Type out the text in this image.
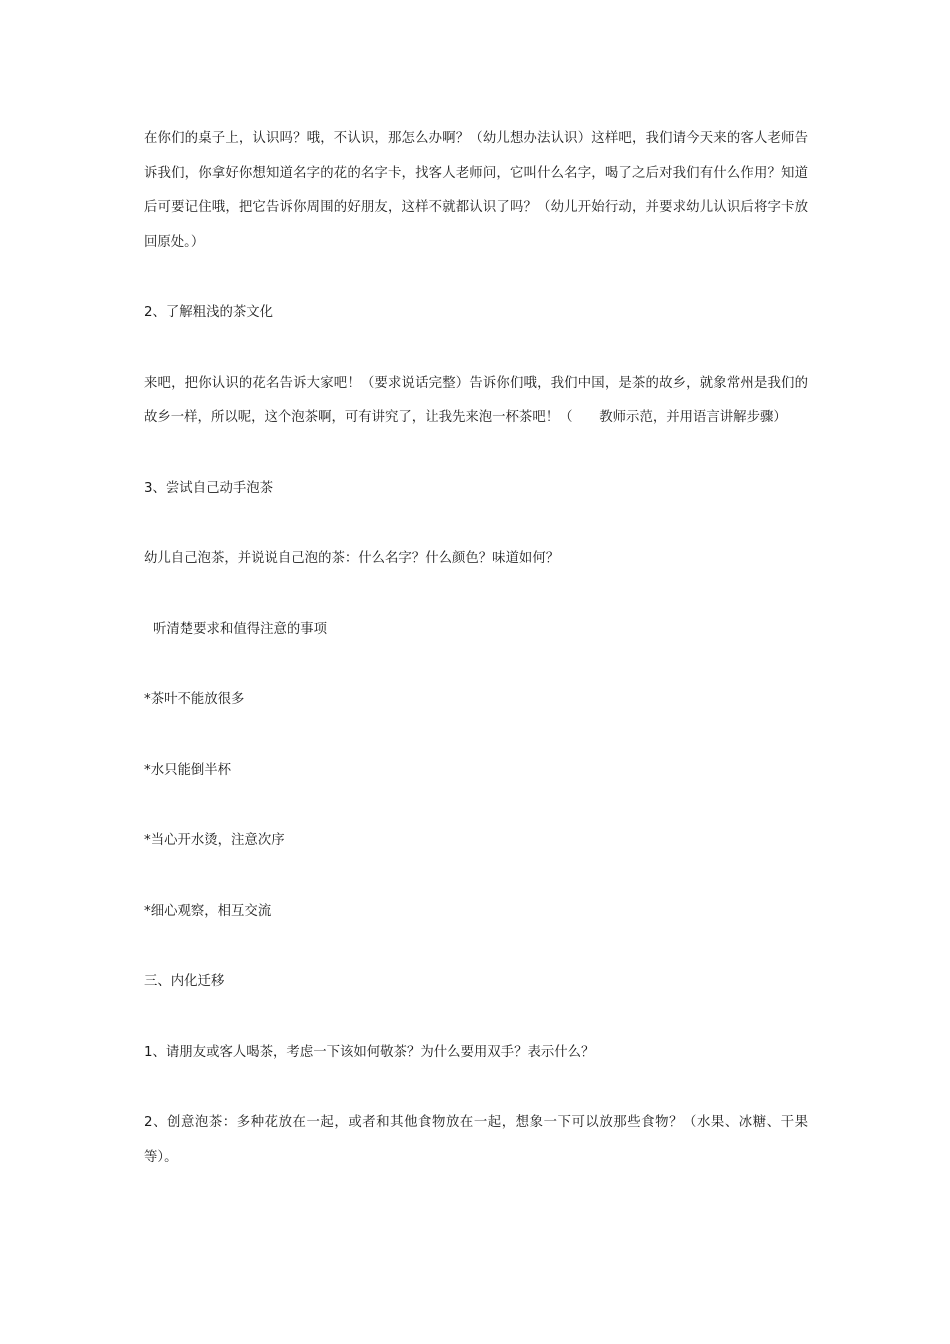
在你们的桌子上，认识吗？哦，不认识，那怎么办啊？（幼儿想办法认识）这样吧，我们请今天来的客人老师告诉我们，你拿好你想知道名字的花的名字卡，找客人老师问，它叫什么名字，喝了之后对我们有什么作用？知道后可要记住哦，把它告诉你周围的好朋友，这样不就都认识了吗？（幼儿开始行动，并要求幼儿认识后将字卡放回原处。）

2、了解粗浅的茶文化

来吧，把你认识的花名告诉大家吧！（要求说话完整）告诉你们哦，我们中国，是茶的故乡，就象常州是我们的故乡一样，所以呢，这个泡茶啊，可有讲究了，让我先来泡一杯茶吧！（　　教师示范，并用语言讲解步骤）

3、尝试自己动手泡茶

幼儿自己泡茶，并说说自己泡的茶：什么名字？什么颜色？味道如何？

听清楚要求和值得注意的事项

*茶叶不能放很多

*水只能倒半杯

*当心开水烫，注意次序

*细心观察，相互交流

三、内化迁移

1、请朋友或客人喝茶，考虑一下该如何敬茶？为什么要用双手？表示什么？

2、创意泡茶：多种花放在一起，或者和其他食物放在一起，想象一下可以放那些食物？（水果、冰糖、干果等）。
